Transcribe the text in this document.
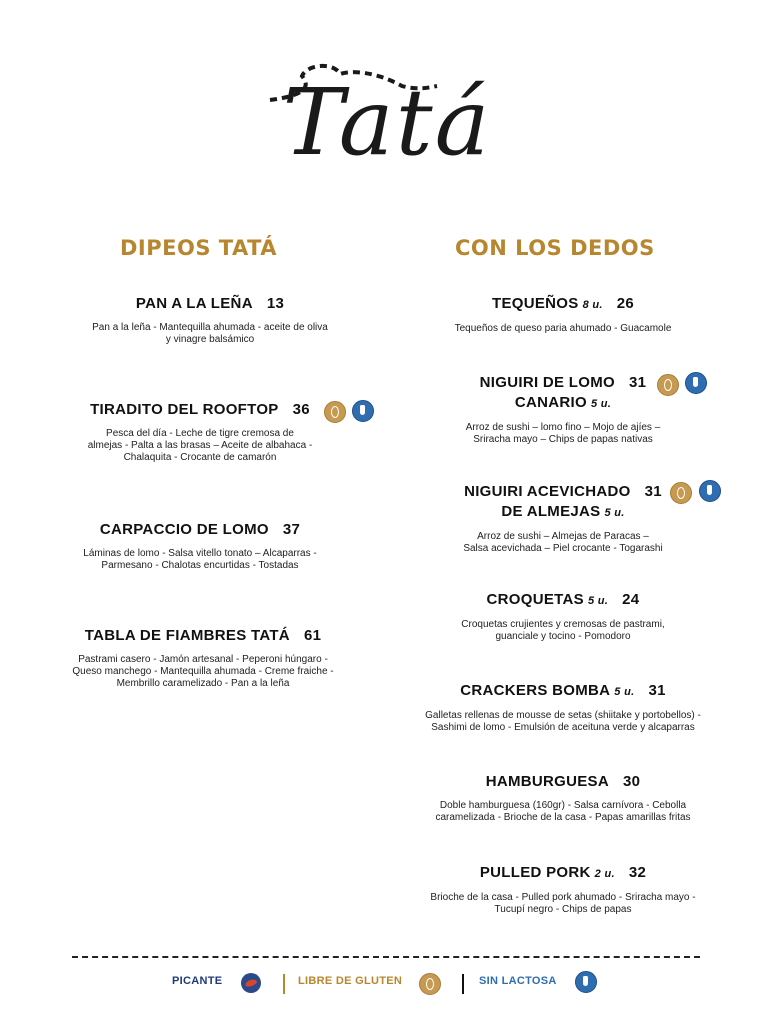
Tatá
DIPEOS TATÁ	CON LOS DEDOS
PAN A LA LEÑA 13
Pan a la leña - Mantequilla ahumada - aceite de oliva
y vinagre balsámico
TIRADITO DEL ROOFTOP 36
Pesca del día - Leche de tigre cremosa de
almejas - Palta a las brasas – Aceite de albahaca -
Chalaquita - Crocante de camarón
CARPACCIO DE LOMO 37
Láminas de lomo - Salsa vitello tonato – Alcaparras -
Parmesano - Chalotas encurtidas - Tostadas
TABLA DE FIAMBRES TATÁ 61
Pastrami casero - Jamón artesanal - Peperoni húngaro -
Queso manchego - Mantequilla ahumada - Creme fraiche -
Membrillo caramelizado - Pan a la leña
TEQUEÑOS 8 u. 26
Tequeños de queso paria ahumado - Guacamole
NIGUIRI DE LOMO 31
CANARIO 5 u.
Arroz de sushi – lomo fino – Mojo de ajíes –
Sriracha mayo – Chips de papas nativas
NIGUIRI ACEVICHADO 31
DE ALMEJAS 5 u.
Arroz de sushi – Almejas de Paracas –
Salsa acevichada – Piel crocante - Togarashi
CROQUETAS 5 u. 24
Croquetas crujientes y cremosas de pastrami,
guanciale y tocino - Pomodoro
CRACKERS BOMBA 5 u. 31
Galletas rellenas de mousse de setas (shiitake y portobellos) -
Sashimi de lomo - Emulsión de aceituna verde y alcaparras
HAMBURGUESA 30
Doble hamburguesa (160gr) - Salsa carnívora - Cebolla
caramelizada - Brioche de la casa - Papas amarillas fritas
PULLED PORK 2 u. 32
Brioche de la casa - Pulled pork ahumado - Sriracha mayo -
Tucupí negro - Chips de papas
PICANTE	LIBRE DE GLUTEN	SIN LACTOSA
